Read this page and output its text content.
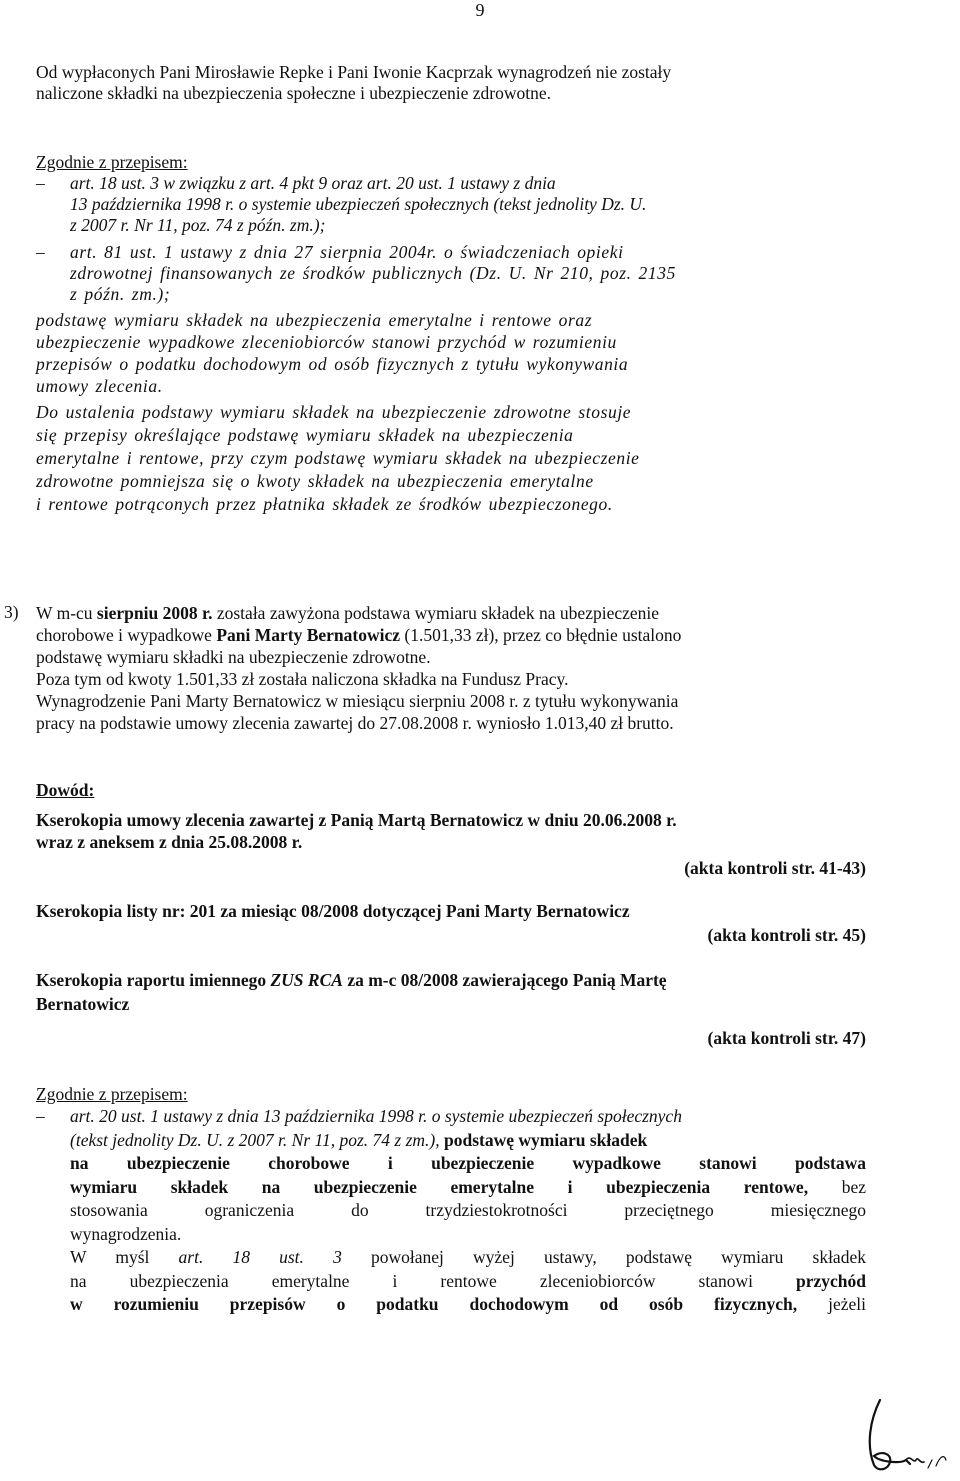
9
Od wypłaconych Pani Mirosławie Repke i Pani Iwonie Kacprzak wynagrodzeń nie zostały
naliczone składki na ubezpieczenia społeczne i ubezpieczenie zdrowotne.
Zgodnie z przepisem:
– art. 18 ust. 3 w związku z art. 4 pkt 9 oraz art. 20 ust. 1 ustawy z dnia
13 października 1998 r. o systemie ubezpieczeń społecznych (tekst jednolity Dz. U.
z 2007 r. Nr 11, poz. 74 z późn. zm.);
– art. 81 ust. 1 ustawy z dnia 27 sierpnia 2004r. o świadczeniach opieki
zdrowotnej finansowanych ze środków publicznych (Dz. U. Nr 210, poz. 2135
z późn. zm.);
podstawę wymiaru składek na ubezpieczenia emerytalne i rentowe oraz
ubezpieczenie wypadkowe zleceniobiorców stanowi przychód w rozumieniu
przepisów o podatku dochodowym od osób fizycznych z tytułu wykonywania
umowy zlecenia.
Do ustalenia podstawy wymiaru składek na ubezpieczenie zdrowotne stosuje
się przepisy określające podstawę wymiaru składek na ubezpieczenia
emerytalne i rentowe, przy czym podstawę wymiaru składek na ubezpieczenie
zdrowotne pomniejsza się o kwoty składek na ubezpieczenia emerytalne
i rentowe potrąconych przez płatnika składek ze środków ubezpieczonego.
3) W m-cu sierpniu 2008 r. została zawyżona podstawa wymiaru składek na ubezpieczenie
chorobowe i wypadkowe Pani Marty Bernatowicz (1.501,33 zł), przez co błędnie ustalono
podstawę wymiaru składki na ubezpieczenie zdrowotne.
Poza tym od kwoty 1.501,33 zł została naliczona składka na Fundusz Pracy.
Wynagrodzenie Pani Marty Bernatowicz w miesiącu sierpniu 2008 r. z tytułu wykonywania
pracy na podstawie umowy zlecenia zawartej do 27.08.2008 r. wyniosło 1.013,40 zł brutto.
Dowód:
Kserokopia umowy zlecenia zawartej z Panią Martą Bernatowicz w dniu 20.06.2008 r.
wraz z aneksem z dnia 25.08.2008 r.
(akta kontroli str. 41-43)
Kserokopia listy nr: 201 za miesiąc 08/2008 dotyczącej Pani Marty Bernatowicz
(akta kontroli str. 45)
Kserokopia raportu imiennego ZUS RCA za m-c 08/2008 zawierającego Panią Martę
Bernatowicz
(akta kontroli str. 47)
Zgodnie z przepisem:
– art. 20 ust. 1 ustawy z dnia 13 października 1998 r. o systemie ubezpieczeń społecznych
(tekst jednolity Dz. U. z 2007 r. Nr 11, poz. 74 z zm.), podstawę wymiaru składek
na ubezpieczenie chorobowe i ubezpieczenie wypadkowe stanowi podstawa
wymiaru składek na ubezpieczenie emerytalne i ubezpieczenia rentowe, bez
stosowania ograniczenia do trzydziestokrotności przeciętnego miesięcznego
wynagrodzenia.
W myśl art. 18 ust. 3 powołanej wyżej ustawy, podstawę wymiaru składek
na ubezpieczenia emerytalne i rentowe zleceniobiorców stanowi przychód
w rozumieniu przepisów o podatku dochodowym od osób fizycznych, jeżeli
